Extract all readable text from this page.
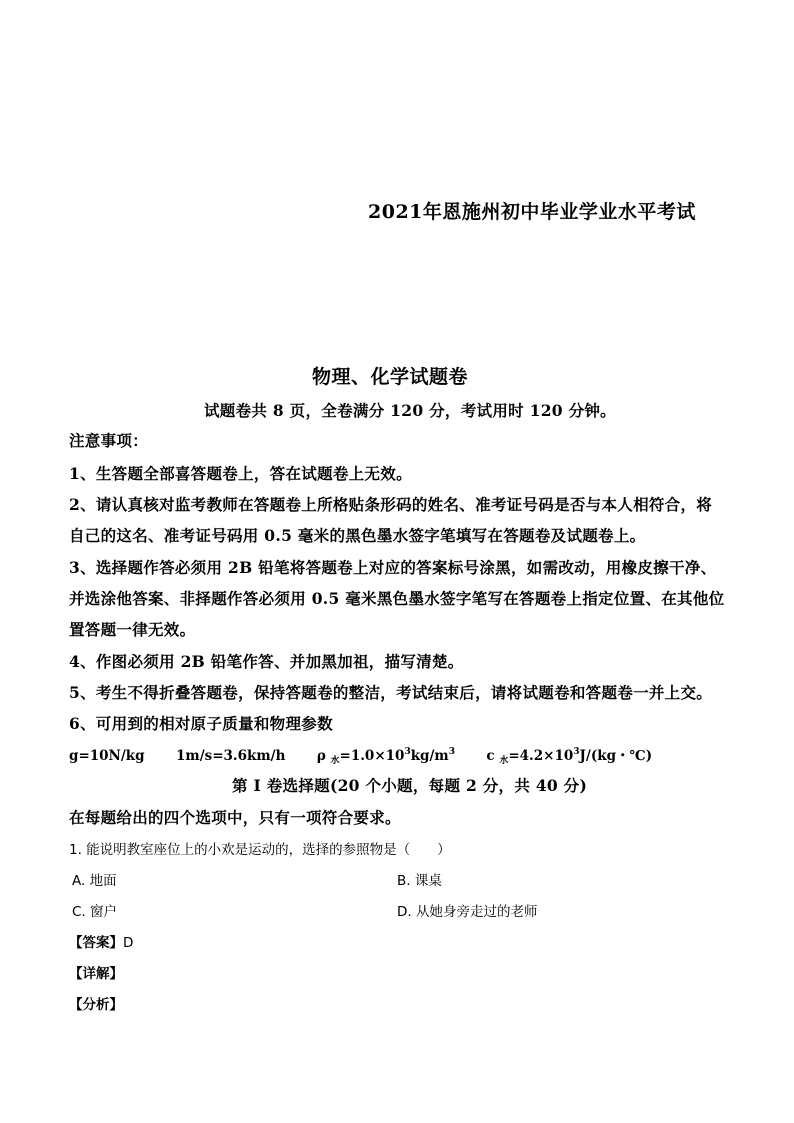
2021年恩施州初中毕业学业水平考试
物理、化学试题卷
试题卷共 8 页，全卷满分 120 分，考试用时 120 分钟。
注意事项：
1、生答题全部喜答题卷上，答在试题卷上无效。
2、请认真核对监考教师在答题卷上所格贴条形码的姓名、准考证号码是否与本人相符合，将
自己的这名、准考证号码用 0.5 毫米的黑色墨水签字笔填写在答题卷及试题卷上。
3、选择题作答必须用 2B 铅笔将答题卷上对应的答案标号涂黑，如需改动，用橡皮擦干净、
并选涂他答案、非择题作答必须用 0.5 毫米黑色墨水签字笔写在答题卷上指定位置、在其他位
置答题一律无效。
4、作图必须用 2B 铅笔作答、并加黑加祖，描写清楚。
5、考生不得折叠答题卷，保持答题卷的整洁，考试结束后，请将试题卷和答题卷一并上交。
6、可用到的相对原子质量和物理参数
g=10N/kg 1m/s=3.6km/h ρ $_水=1.0\times 10^3kg/m^3$ c $_水=4.2\times 10^3J/(kg$・℃)
第 I 卷选择题(20 个小题，每题 2 分，共 40 分)
在每题给出的四个选项中，只有一项符合要求。
1. 能说明教室座位上的小欢是运动的，选择的参照物是（　　）
A. 地面	B. 课桌
C. 窗户	D. 从她身旁走过的老师
【答案】D
【详解】
【分析】
